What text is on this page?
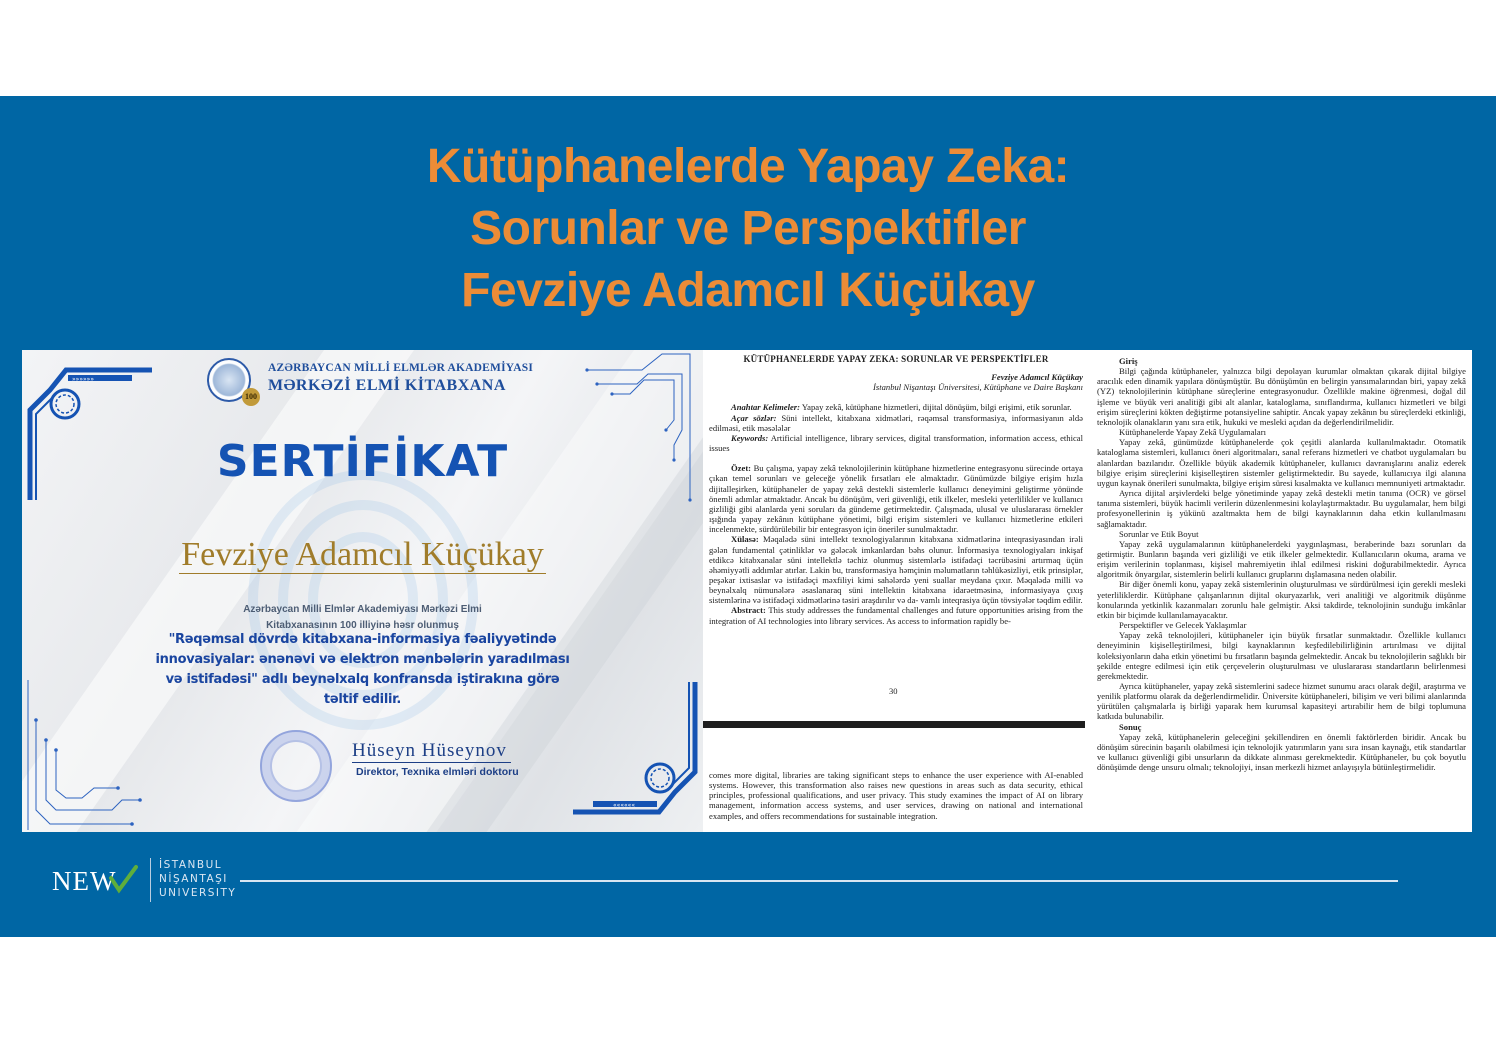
Kütüphanelerde Yapay Zeka:
Sorunlar ve Perspektifler
Fevziye Adamcıl Küçükay
»»»»»»
««««««
100
AZƏRBAYCAN MİLLİ ELMLƏR AKADEMİYASI
MƏRKƏZİ ELMİ KİTABXANA
SERTİFİKAT
Fevziye Adamcıl Küçükay
Azərbaycan Milli Elmlər Akademiyası Mərkəzi Elmi
Kitabxanasının 100 illiyinə həsr olunmuş
"Rəqəmsal dövrdə kitabxana-informasiya fəaliyyətində
innovasiyalar: ənənəvi və elektron mənbələrin yaradılması
və istifadəsi" adlı beynəlxalq konfransda iştirakına görə
təltif edilir.
Hüseyn Hüseynov
Direktor, Texnika elmləri doktoru
KÜTÜPHANELERDE YAPAY ZEKA: SORUNLAR VE PERSPEKTİFLER
Fevziye Adamcıl Küçükay
İstanbul Nişantaşı Üniversitesi, Kütüphane ve Daire Başkanı

Anahtar Kelimeler: Yapay zekâ, kütüphane hizmetleri, dijital dönüşüm, bilgi erişimi, etik sorunlar.

Açar sözlər: Süni intellekt, kitabxana xidmətləri, rəqəmsal transformasiya, informasiyanın əldə edilməsi, etik məsələlər

Keywords: Artificial intelligence, library services, digital transformation, information access, ethical issues

Özet: Bu çalışma, yapay zekâ teknolojilerinin kütüphane hizmetlerine entegrasyonu sürecinde ortaya çıkan temel sorunları ve geleceğe yönelik fırsatları ele almaktadır. Günümüzde bilgiye erişim hızla dijitalleşirken, kütüphaneler de yapay zekâ destekli sistemlerle kullanıcı deneyimini geliştirme yönünde önemli adımlar atmaktadır. Ancak bu dönüşüm, veri güvenliği, etik ilkeler, mesleki yeterlilikler ve kullanıcı gizliliği gibi alanlarda yeni soruları da gündeme getirmektedir. Çalışmada, ulusal ve uluslararası örnekler ışığında yapay zekânın kütüphane yönetimi, bilgi erişim sistemleri ve kullanıcı hizmetlerine etkileri incelenmekte, sürdürülebilir bir entegrasyon için öneriler sunulmaktadır.

Xülasə: Məqalədə süni intellekt texnologiyalarının kitabxana xidmətlərinə inteqrasiyasından irəli gələn fundamental çətinliklər və gələcək imkanlardan bəhs olunur. İnformasiya texnologiyaları inkişaf etdikcə kitabxanalar süni intellektlə təchiz olunmuş sistemlərlə istifadəçi təcrübəsini artırmaq üçün əhəmiyyətli addımlar atırlar. Lakin bu, transformasiya həmçinin məlumatların təhlükəsizliyi, etik prinsiplər, peşəkar ixtisaslar və istifadəçi məxfiliyi kimi sahələrdə yeni suallar meydana çıxır. Məqalədə milli və beynəlxalq nümunələrə əsaslanaraq süni intellektin kitabxana idarəetməsinə, informasiyaya çıxış sistemlərinə və istifadəçi xidmətlərinə təsiri araşdırılır və da- vamlı inteqrasiya üçün tövsiyələr təqdim edilir.

Abstract: This study addresses the fundamental challenges and future opportunities arising from the integration of AI technologies into library services. As access to information rapidly be-

30

comes more digital, libraries are taking significant steps to enhance the user experience with AI-enabled systems. However, this transformation also raises new questions in areas such as data security, ethical principles, professional qualifications, and user privacy. This study examines the impact of AI on library management, information access systems, and user services, drawing on national and international examples, and offers recommendations for sustainable integration.

Giriş

Bilgi çağında kütüphaneler, yalnızca bilgi depolayan kurumlar olmaktan çıkarak dijital bilgiye aracılık eden dinamik yapılara dönüşmüştür. Bu dönüşümün en belirgin yansımalarından biri, yapay zekâ (YZ) teknolojilerinin kütüphane süreçlerine entegrasyonudur. Özellikle makine öğrenmesi, doğal dil işleme ve büyük veri analitiği gibi alt alanlar, kataloglama, sınıflandırma, kullanıcı hizmetleri ve bilgi erişim süreçlerini kökten değiştirme potansiyeline sahiptir. Ancak yapay zekânın bu süreçlerdeki etkinliği, teknolojik olanakların yanı sıra etik, hukuki ve mesleki açıdan da değerlendirilmelidir.

Kütüphanelerde Yapay Zekâ Uygulamaları

Yapay zekâ, günümüzde kütüphanelerde çok çeşitli alanlarda kullanılmaktadır. Otomatik kataloglama sistemleri, kullanıcı öneri algoritmaları, sanal referans hizmetleri ve chatbot uygulamaları bu alanlardan bazılarıdır. Özellikle büyük akademik kütüphaneler, kullanıcı davranışlarını analiz ederek bilgiye erişim süreçlerini kişiselleştiren sistemler geliştirmektedir. Bu sayede, kullanıcıya ilgi alanına uygun kaynak önerileri sunulmakta, bilgiye erişim süresi kısalmakta ve kullanıcı memnuniyeti artmaktadır.

Ayrıca dijital arşivlerdeki belge yönetiminde yapay zekâ destekli metin tanıma (OCR) ve görsel tanıma sistemleri, büyük hacimli verilerin düzenlenmesini kolaylaştırmaktadır. Bu uygulamalar, hem bilgi profesyonellerinin iş yükünü azaltmakta hem de bilgi kaynaklarının daha etkin kullanılmasını sağlamaktadır.

Sorunlar ve Etik Boyut

Yapay zekâ uygulamalarının kütüphanelerdeki yaygınlaşması, beraberinde bazı sorunları da getirmiştir. Bunların başında veri gizliliği ve etik ilkeler gelmektedir. Kullanıcıların okuma, arama ve erişim verilerinin toplanması, kişisel mahremiyetin ihlal edilmesi riskini doğurabilmektedir. Ayrıca algoritmik önyargılar, sistemlerin belirli kullanıcı gruplarını dışlamasına neden olabilir.

Bir diğer önemli konu, yapay zekâ sistemlerinin oluşturulması ve sürdürülmesi için gerekli mesleki yeterliliklerdir. Kütüphane çalışanlarının dijital okuryazarlık, veri analitiği ve algoritmik düşünme konularında yetkinlik kazanmaları zorunlu hale gelmiştir. Aksi takdirde, teknolojinin sunduğu imkânlar etkin bir biçimde kullanılamayacaktır.

Perspektifler ve Gelecek Yaklaşımlar

Yapay zekâ teknolojileri, kütüphaneler için büyük fırsatlar sunmaktadır. Özellikle kullanıcı deneyiminin kişiselleştirilmesi, bilgi kaynaklarının keşfedilebilirliğinin artırılması ve dijital koleksiyonların daha etkin yönetimi bu fırsatların başında gelmektedir. Ancak bu teknolojilerin sağlıklı bir şekilde entegre edilmesi için etik çerçevelerin oluşturulması ve uluslararası standartların belirlenmesi gerekmektedir.

Ayrıca kütüphaneler, yapay zekâ sistemlerini sadece hizmet sunumu aracı olarak değil, araştırma ve yenilik platformu olarak da değerlendirmelidir. Üniversite kütüphaneleri, bilişim ve veri bilimi alanlarında yürütülen çalışmalarla iş birliği yaparak hem kurumsal kapasiteyi artırabilir hem de bilgi toplumuna katkıda bulunabilir.

Sonuç

Yapay zekâ, kütüphanelerin geleceğini şekillendiren en önemli faktörlerden biridir. Ancak bu dönüşüm sürecinin başarılı olabilmesi için teknolojik yatırımların yanı sıra insan kaynağı, etik standartlar ve kullanıcı güvenliği gibi unsurların da dikkate alınması gerekmektedir. Kütüphaneler, bu çok boyutlu dönüşümde denge unsuru olmalı; teknolojiyi, insan merkezli hizmet anlayışıyla bütünleştirmelidir.

NEW
İSTANBUL
NİŞANTAŞI
UNIVERSITY
